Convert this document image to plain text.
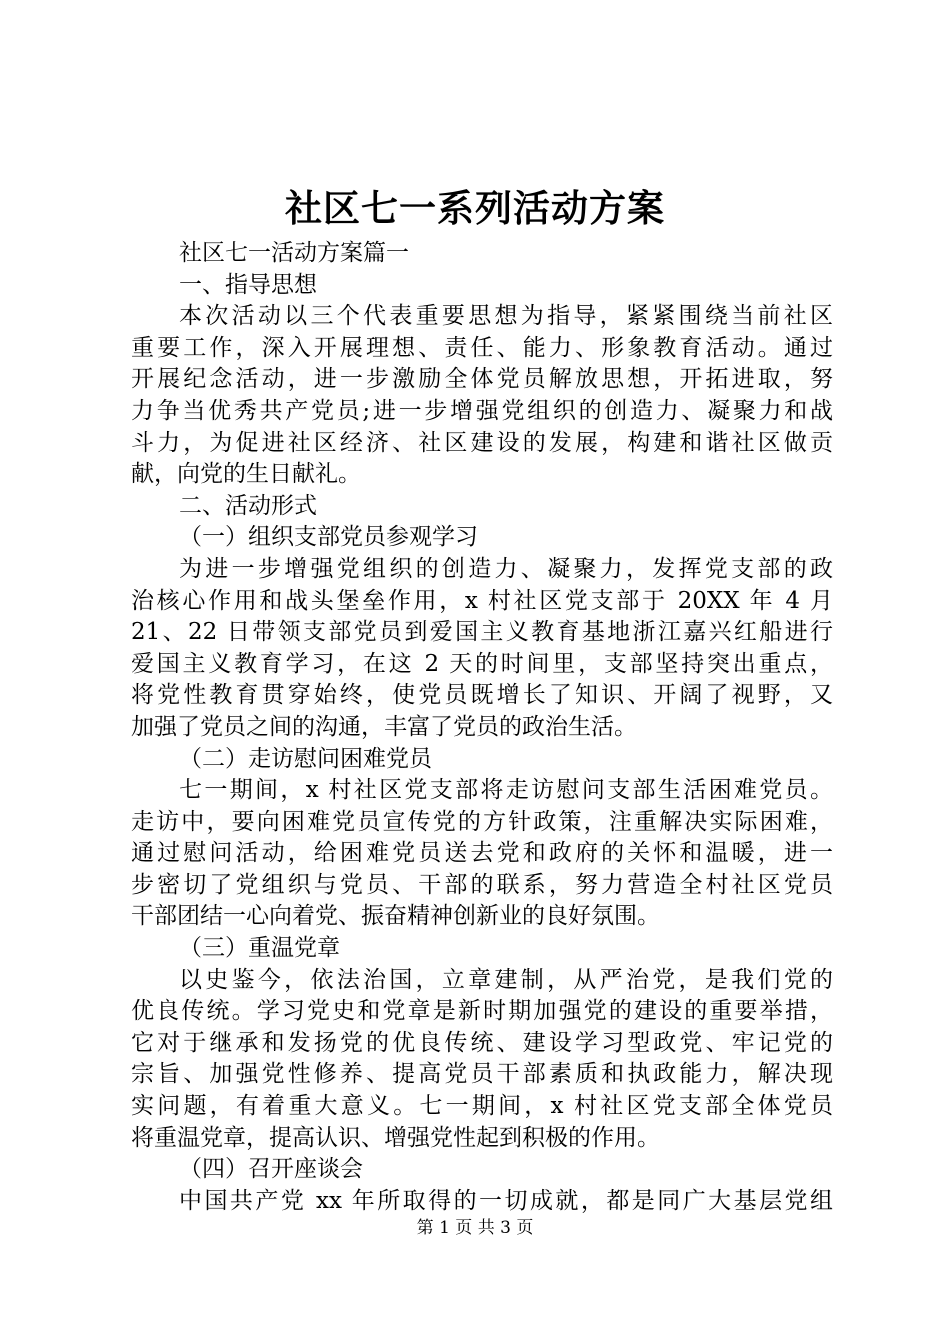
社区七一系列活动方案
社区七一活动方案篇一
一、指导思想
本次活动以三个代表重要思想为指导，紧紧围绕当前社区
重要工作，深入开展理想、责任、能力、形象教育活动。通过
开展纪念活动，进一步激励全体党员解放思想，开拓进取，努
力争当优秀共产党员;进一步增强党组织的创造力、凝聚力和战
斗力，为促进社区经济、社区建设的发展，构建和谐社区做贡
献，向党的生日献礼。
二、活动形式
（一）组织支部党员参观学习
为进一步增强党组织的创造力、凝聚力，发挥党支部的政
治核心作用和战头堡垒作用，x 村社区党支部于 20XX 年 4 月
21、22 日带领支部党员到爱国主义教育基地浙江嘉兴红船进行
爱国主义教育学习，在这 2 天的时间里，支部坚持突出重点，
将党性教育贯穿始终，使党员既增长了知识、开阔了视野，又
加强了党员之间的沟通，丰富了党员的政治生活。
（二）走访慰问困难党员
七一期间，x 村社区党支部将走访慰问支部生活困难党员。
走访中，要向困难党员宣传党的方针政策，注重解决实际困难，
通过慰问活动，给困难党员送去党和政府的关怀和温暖，进一
步密切了党组织与党员、干部的联系，努力营造全村社区党员
干部团结一心向着党、振奋精神创新业的良好氛围。
（三）重温党章
以史鉴今，依法治国，立章建制，从严治党，是我们党的
优良传统。学习党史和党章是新时期加强党的建设的重要举措，
它对于继承和发扬党的优良传统、建设学习型政党、牢记党的
宗旨、加强党性修养、提高党员干部素质和执政能力，解决现
实问题，有着重大意义。七一期间，x 村社区党支部全体党员
将重温党章，提高认识、增强党性起到积极的作用。
（四）召开座谈会
中国共产党 xx 年所取得的一切成就，都是同广大基层党组
第 1 页 共 3 页
